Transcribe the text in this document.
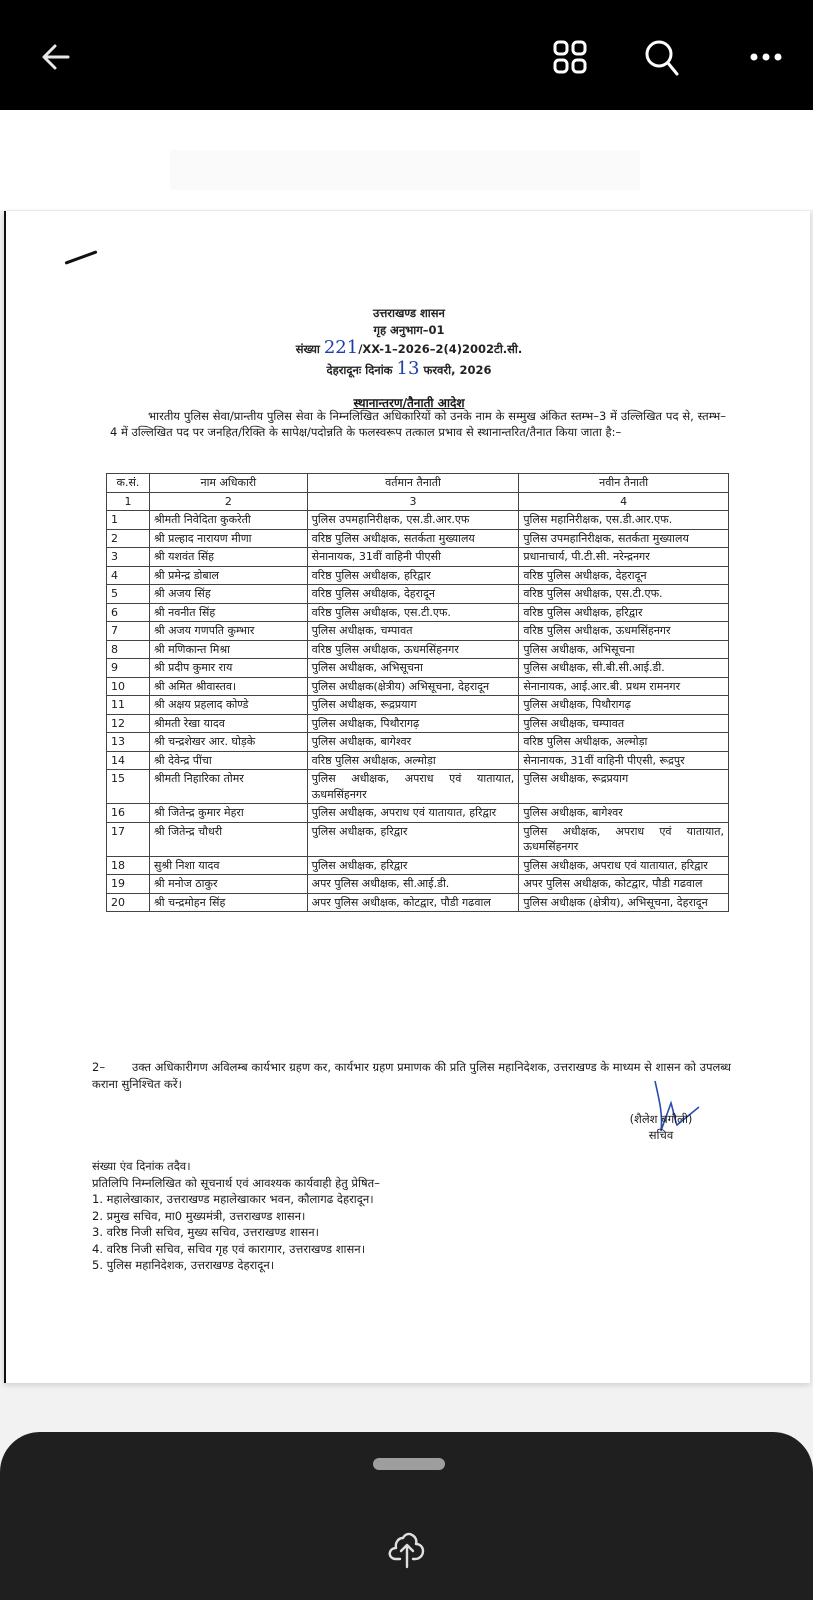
उत्तराखण्ड शासन
गृह अनुभाग–01
संख्या 221/XX-1–2026–2(4)2002टी.सी.
देहरादूनः दिनांक 13 फरवरी, 2026
स्थानान्तरण/तैनाती आदेश
भारतीय पुलिस सेवा/प्रान्तीय पुलिस सेवा के निम्नलिखित अधिकारियों को उनके नाम के सम्मुख अंकित स्तम्भ–3 में उल्लिखित पद से, स्तम्भ–4 में उल्लिखित पद पर जनहित/रिक्ति के सापेक्ष/पदोन्नति के फलस्वरूप तत्काल प्रभाव से स्थानान्तरित/तैनात किया जाता है:–
क.सं.	नाम अधिकारी	वर्तमान तैनाती	नवीन तैनाती
1	2	3	4
1	श्रीमती निवेदिता कुकरेती	पुलिस उपमहानिरीक्षक, एस.डी.आर.एफ	पुलिस महानिरीक्षक, एस.डी.आर.एफ.
2	श्री प्रल्हाद नारायण मीणा	वरिष्ठ पुलिस अधीक्षक, सतर्कता मुख्यालय	पुलिस उपमहानिरीक्षक, सतर्कता मुख्यालय
3	श्री यशवंत सिंह	सेनानायक, 31वीं वाहिनी पीएसी	प्रधानाचार्य, पी.टी.सी. नरेन्द्रनगर
4	श्री प्रमेन्द्र डोबाल	वरिष्ठ पुलिस अधीक्षक, हरिद्वार	वरिष्ठ पुलिस अधीक्षक, देहरादून
5	श्री अजय सिंह	वरिष्ठ पुलिस अधीक्षक, देहरादून	वरिष्ठ पुलिस अधीक्षक, एस.टी.एफ.
6	श्री नवनीत सिंह	वरिष्ठ पुलिस अधीक्षक, एस.टी.एफ.	वरिष्ठ पुलिस अधीक्षक, हरिद्वार
7	श्री अजय गणपति कुम्भार	पुलिस अधीक्षक, चम्पावत	वरिष्ठ पुलिस अधीक्षक, ऊधमसिंहनगर
8	श्री मणिकान्त मिश्रा	वरिष्ठ पुलिस अधीक्षक, ऊधमसिंहनगर	पुलिस अधीक्षक, अभिसूचना
9	श्री प्रदीप कुमार राय	पुलिस अधीक्षक, अभिसूचना	पुलिस अधीक्षक, सी.बी.सी.आई.डी.
10	श्री अमित श्रीवास्तव।	पुलिस अधीक्षक(क्षेत्रीय) अभिसूचना, देहरादून	सेनानायक, आई.आर.बी. प्रथम रामनगर
11	श्री अक्षय प्रहलाद कोण्डे	पुलिस अधीक्षक, रूद्रप्रयाग	पुलिस अधीक्षक, पिथौरागढ़
12	श्रीमती रेखा यादव	पुलिस अधीक्षक, पिथौरागढ़	पुलिस अधीक्षक, चम्पावत
13	श्री चन्द्रशेखर आर. घोड़के	पुलिस अधीक्षक, बागेश्वर	वरिष्ठ पुलिस अधीक्षक, अल्मोड़ा
14	श्री देवेन्द्र पींचा	वरिष्ठ पुलिस अधीक्षक, अल्मोड़ा	सेनानायक, 31वीं वाहिनी पीएसी, रूद्रपुर
15	श्रीमती निहारिका तोमर	पुलिस अधीक्षक, अपराध एवं यातायात, ऊधमसिंहनगर	पुलिस अधीक्षक, रूद्रप्रयाग
16	श्री जितेन्द्र कुमार मेहरा	पुलिस अधीक्षक, अपराध एवं यातायात, हरिद्वार	पुलिस अधीक्षक, बागेश्वर
17	श्री जितेन्द्र चौधरी	पुलिस अधीक्षक, हरिद्वार	पुलिस अधीक्षक, अपराध एवं यातायात, ऊधमसिंहनगर
18	सुश्री निशा यादव	पुलिस अधीक्षक, हरिद्वार	पुलिस अधीक्षक, अपराध एवं यातायात, हरिद्वार
19	श्री मनोज ठाकुर	अपर पुलिस अधीक्षक, सी.आई.डी.	अपर पुलिस अधीक्षक, कोटद्वार, पौडी गढवाल
20	श्री चन्द्रमोहन सिंह	अपर पुलिस अधीक्षक, कोटद्वार, पौडी गढवाल	पुलिस अधीक्षक (क्षेत्रीय), अभिसूचना, देहरादून
2– उक्त अधिकारीगण अविलम्ब कार्यभार ग्रहण कर, कार्यभार ग्रहण प्रमाणक की प्रति पुलिस महानिदेशक, उत्तराखण्ड के माध्यम से शासन को उपलब्ध कराना सुनिश्चित करें।
(शैलेश बगौली)
सचिव
संख्या एंव दिनांक तदैव।
प्रतिलिपि निम्नलिखित को सूचनार्थ एवं आवश्यक कार्यवाही हेतु प्रेषित–
1. महालेखाकार, उत्तराखण्ड महालेखाकार भवन, कौलागढ देहरादून।
2. प्रमुख सचिव, मा0 मुख्यमंत्री, उत्तराखण्ड शासन।
3. वरिष्ठ निजी सचिव, मुख्य सचिव, उत्तराखण्ड शासन।
4. वरिष्ठ निजी सचिव, सचिव गृह एवं कारागार, उत्तराखण्ड शासन।
5. पुलिस महानिदेशक, उत्तराखण्ड देहरादून।
